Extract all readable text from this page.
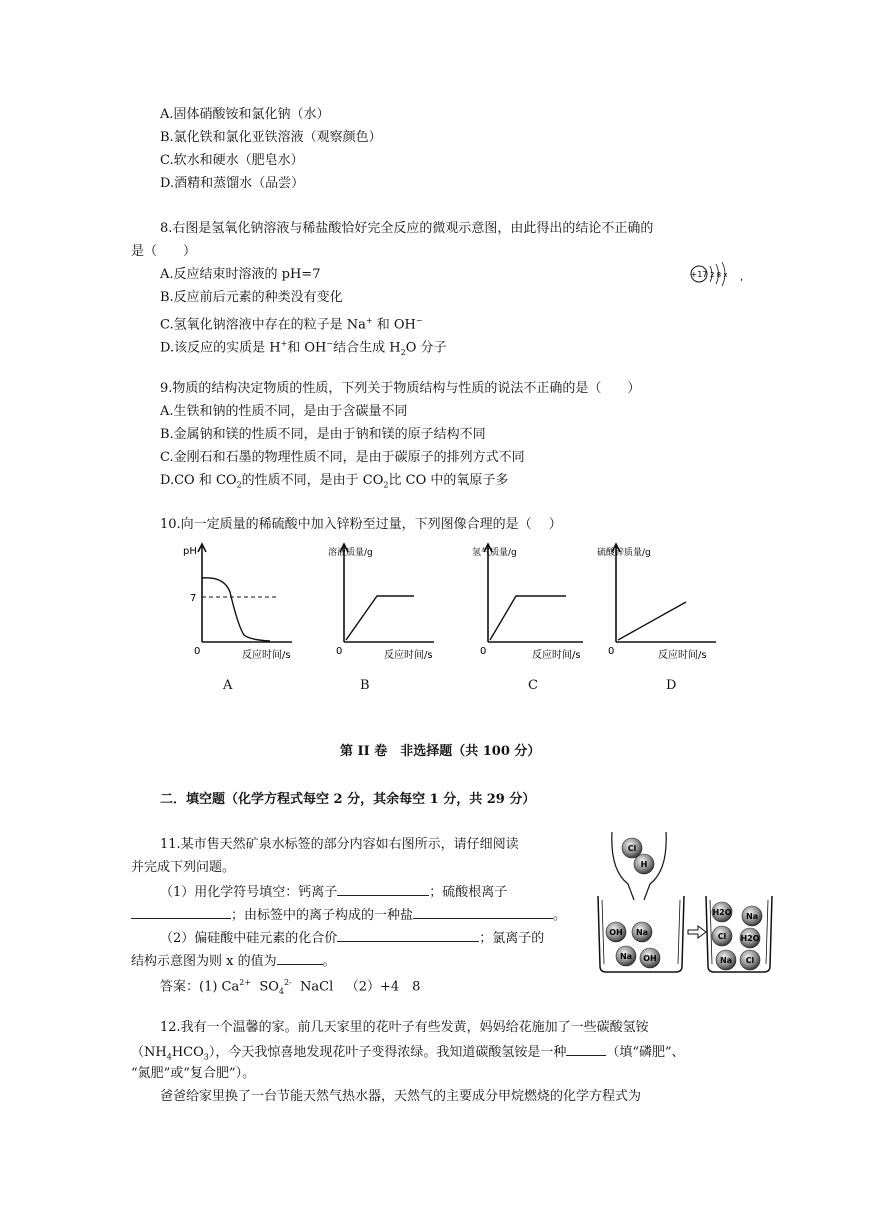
A.固体硝酸铵和氯化钠（水）
B.氯化铁和氯化亚铁溶液（观察颜色）
C.软水和硬水（肥皂水）
D.酒精和蒸馏水（品尝）
8.右图是氢氧化钠溶液与稀盐酸恰好完全反应的微观示意图，由此得出的结论不正确的
是（　　）
A.反应结束时溶液的 pH=7
B.反应前后元素的种类没有变化
C.氢氧化钠溶液中存在的粒子是 Na+ 和 OH−
D.该反应的实质是 H+和 OH−结合生成 $H_2O$ 分子
+17 2 8 x ,
9.物质的结构决定物质的性质，下列关于物质结构与性质的说法不正确的是（　　）
A.生铁和钠的性质不同，是由于含碳量不同
B.金属钠和镁的性质不同，是由于钠和镁的原子结构不同
C.金刚石和石墨的物理性质不同，是由于碳原子的排列方式不同
D.CO 和 $CO_2$的性质不同，是由于 $CO_2$比 CO 中的氧原子多
10.向一定质量的稀硫酸中加入锌粉至过量，下列图像合理的是（　 ）
pH
7
0	反应时间/s
A
溶液质量/g
0	反应时间/s
B
氢气质量/g
0	反应时间/s
C
硫酸锌质量/g
0	反应时间/s
D
第 II 卷　非选择题（共 100 分）
二．填空题（化学方程式每空 2 分，其余每空 1 分，共 29 分）
11.某市售天然矿泉水标签的部分内容如右图所示，请仔细阅读
并完成下列问题。
（1）用化学符号填空：钙离子	；硫酸根离子
；由标签中的离子构成的一种盐	。
（2）偏硅酸中硅元素的化合价	；氯离子的
结构示意图为则 x 的值为	。
答案：(1) $Ca^{2+}$ $SO_4^{2-}$ NaCl （2）+4　8
Cl
H
OH Na
Na OH
H2O Na
Cl H2O
Na Cl
12.我有一个温馨的家。前几天家里的花叶子有些发黄，妈妈给花施加了一些碳酸氢铵
$(NH_4HCO_3)$，今天我惊喜地发现花叶子变得浓绿。我知道碳酸氢铵是一种	（填“磷肥”、
“氮肥”或“复合肥”）。
爸爸给家里换了一台节能天然气热水器，天然气的主要成分甲烷燃烧的化学方程式为
